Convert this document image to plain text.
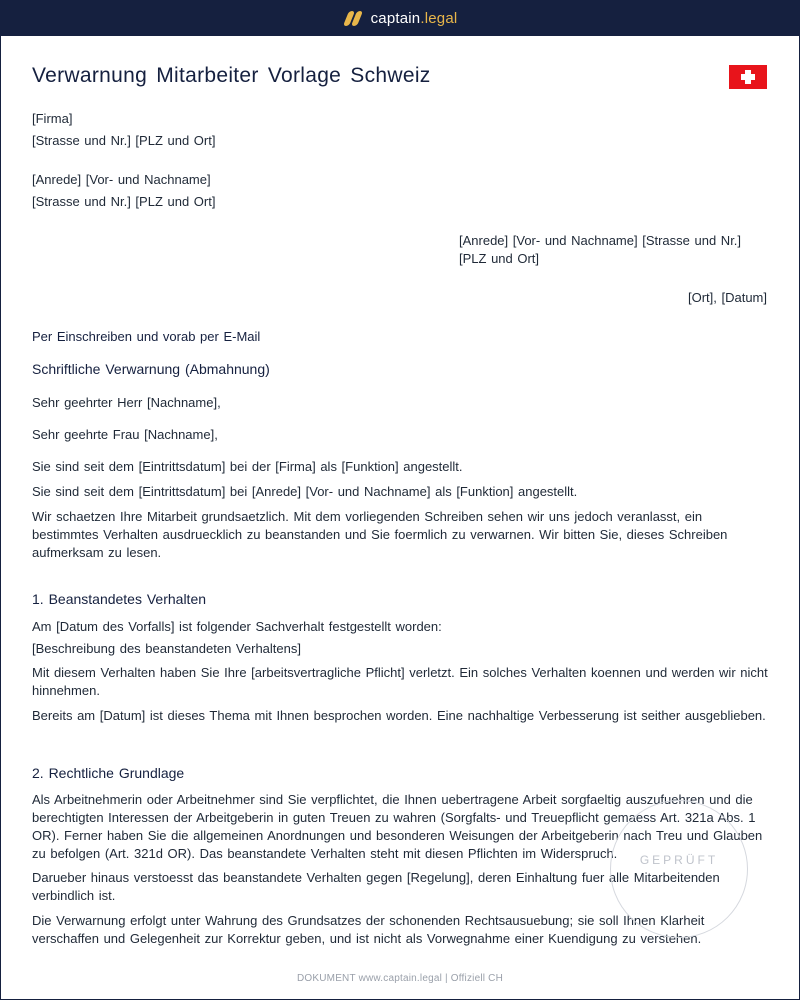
captain.legal
Verwarnung Mitarbeiter Vorlage Schweiz

[Firma]

[Strasse und Nr.] [PLZ und Ort]

[Anrede] [Vor- und Nachname]

[Strasse und Nr.] [PLZ und Ort]

[Anrede] [Vor- und Nachname] [Strasse und Nr.]

[PLZ und Ort]

[Ort], [Datum]

Per Einschreiben und vorab per E-Mail

Schriftliche Verwarnung (Abmahnung)

Sehr geehrter Herr [Nachname],

Sehr geehrte Frau [Nachname],

Sie sind seit dem [Eintrittsdatum] bei der [Firma] als [Funktion] angestellt.

Sie sind seit dem [Eintrittsdatum] bei [Anrede] [Vor- und Nachname] als [Funktion] angestellt.

Wir schaetzen Ihre Mitarbeit grundsaetzlich. Mit dem vorliegenden Schreiben sehen wir uns jedoch veranlasst, ein bestimmtes Verhalten ausdruecklich zu beanstanden und Sie foermlich zu verwarnen. Wir bitten Sie, dieses Schreiben aufmerksam zu lesen.

1. Beanstandetes Verhalten

Am [Datum des Vorfalls] ist folgender Sachverhalt festgestellt worden:

[Beschreibung des beanstandeten Verhaltens]

Mit diesem Verhalten haben Sie Ihre [arbeitsvertragliche Pflicht] verletzt. Ein solches Verhalten koennen und werden wir nicht hinnehmen.

Bereits am [Datum] ist dieses Thema mit Ihnen besprochen worden. Eine nachhaltige Verbesserung ist seither ausgeblieben.

2. Rechtliche Grundlage

Als Arbeitnehmerin oder Arbeitnehmer sind Sie verpflichtet, die Ihnen uebertragene Arbeit sorgfaeltig auszufuehren und die berechtigten Interessen der Arbeitgeberin in guten Treuen zu wahren (Sorgfalts- und Treuepflicht gemaess Art. 321a Abs. 1 OR). Ferner haben Sie die allgemeinen Anordnungen und besonderen Weisungen der Arbeitgeberin nach Treu und Glauben zu befolgen (Art. 321d OR). Das beanstandete Verhalten steht mit diesen Pflichten im Widerspruch.

Darueber hinaus verstoesst das beanstandete Verhalten gegen [Regelung], deren Einhaltung fuer alle Mitarbeitenden verbindlich ist.

Die Verwarnung erfolgt unter Wahrung des Grundsatzes der schonenden Rechtsausuebung; sie soll Ihnen Klarheit verschaffen und Gelegenheit zur Korrektur geben, und ist nicht als Vorwegnahme einer Kuendigung zu verstehen.

GEPRÜFT
DOKUMENT www.captain.legal | Offiziell CH
